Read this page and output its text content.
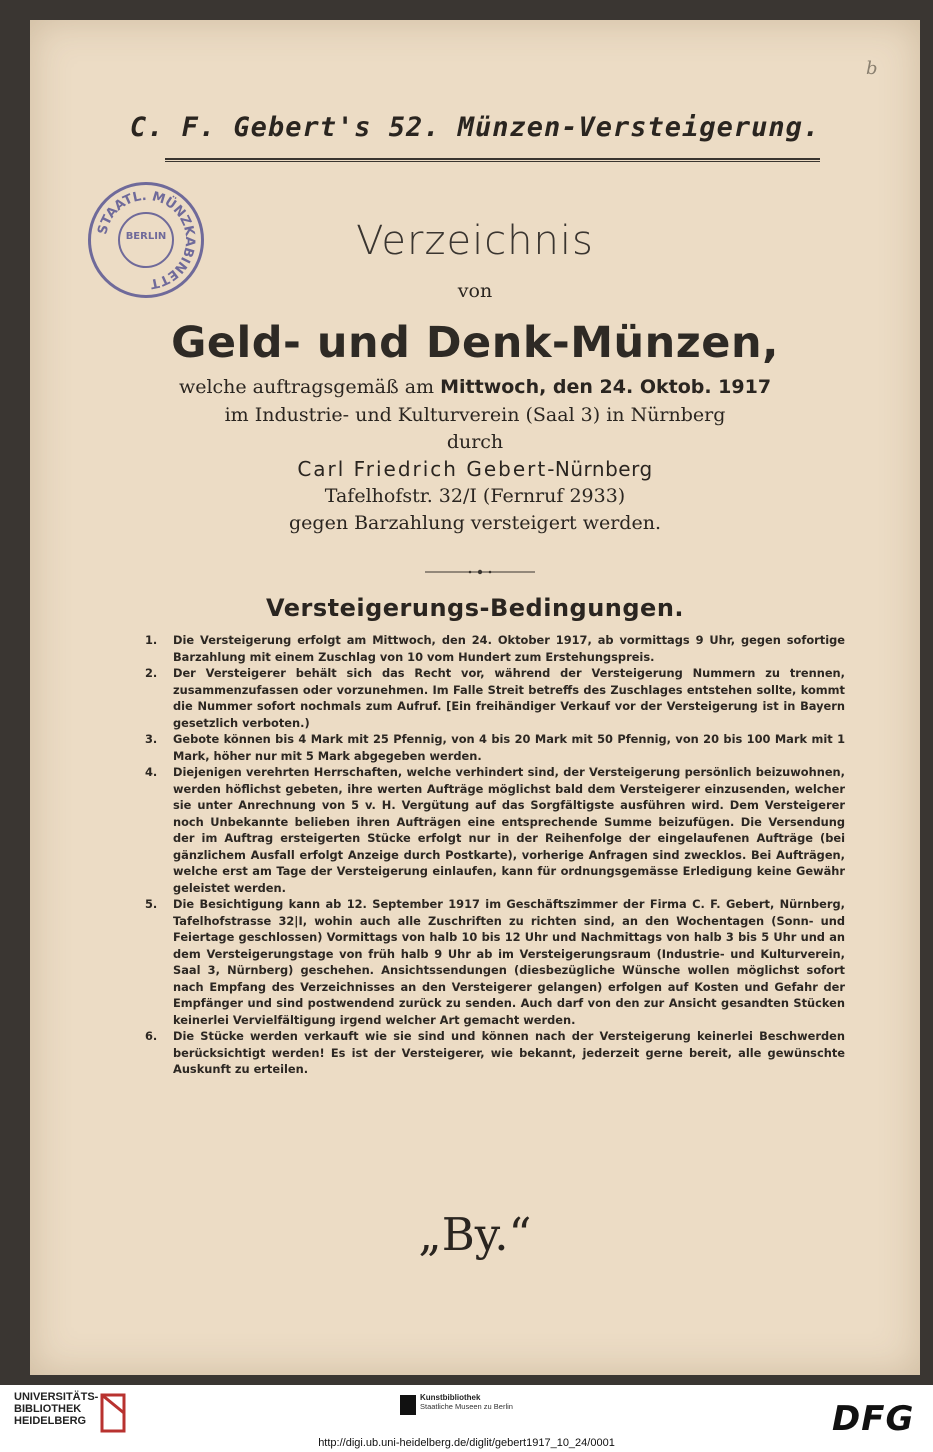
b
C. F. Gebert's 52. Münzen-Versteigerung.
STAATL. MÜNZKABINETT
BERLIN	Verzeichnis
von
Geld- und Denk-Münzen,
welche auftragsgemäß am Mittwoch, den 24. Oktob. 1917
im Industrie- und Kulturverein (Saal 3) in Nürnberg
durch
Carl Friedrich Gebert-Nürnberg
Tafelhofstr. 32/I (Fernruf 2933)
gegen Barzahlung versteigert werden.
Versteigerungs-Bedingungen.
1. Die Versteigerung erfolgt am Mittwoch, den 24. Oktober 1917, ab vormittags 9 Uhr, gegen sofortige Barzahlung mit einem Zuschlag von 10 vom Hundert zum Erstehungspreis.
2. Der Versteigerer behält sich das Recht vor, während der Versteigerung Nummern zu trennen, zusammenzufassen oder vorzunehmen. Im Falle Streit betreffs des Zuschlages entstehen sollte, kommt die Nummer sofort nochmals zum Aufruf. [Ein freihändiger Verkauf vor der Versteigerung ist in Bayern gesetzlich verboten.)
3. Gebote können bis 4 Mark mit 25 Pfennig, von 4 bis 20 Mark mit 50 Pfennig, von 20 bis 100 Mark mit 1 Mark, höher nur mit 5 Mark abgegeben werden.
4. Diejenigen verehrten Herrschaften, welche verhindert sind, der Versteigerung persönlich beizuwohnen, werden höflichst gebeten, ihre werten Aufträge möglichst bald dem Versteigerer einzusenden, welcher sie unter Anrechnung von 5 v. H. Vergütung auf das Sorgfältigste ausführen wird. Dem Versteigerer noch Unbekannte belieben ihren Aufträgen eine entsprechende Summe beizufügen. Die Versendung der im Auftrag ersteigerten Stücke erfolgt nur in der Reihenfolge der eingelaufenen Aufträge (bei gänzlichem Ausfall erfolgt Anzeige durch Postkarte), vorherige Anfragen sind zwecklos. Bei Aufträgen, welche erst am Tage der Versteigerung einlaufen, kann für ordnungsgemässe Erledigung keine Gewähr geleistet werden.
5. Die Besichtigung kann ab 12. September 1917 im Geschäftszimmer der Firma C. F. Gebert, Nürnberg, Tafelhofstrasse 32|I, wohin auch alle Zuschriften zu richten sind, an den Wochentagen (Sonn- und Feiertage geschlossen) Vormittags von halb 10 bis 12 Uhr und Nachmittags von halb 3 bis 5 Uhr und an dem Versteigerungstage von früh halb 9 Uhr ab im Versteigerungsraum (Industrie- und Kulturverein, Saal 3, Nürnberg) geschehen. Ansichtssendungen (diesbezügliche Wünsche wollen möglichst sofort nach Empfang des Verzeichnisses an den Versteigerer gelangen) erfolgen auf Kosten und Gefahr der Empfänger und sind postwendend zurück zu senden. Auch darf von den zur Ansicht gesandten Stücken keinerlei Vervielfältigung irgend welcher Art gemacht werden.
6. Die Stücke werden verkauft wie sie sind und können nach der Versteigerung keinerlei Beschwerden berücksichtigt werden! Es ist der Versteigerer, wie bekannt, jederzeit gerne bereit, alle gewünschte Auskunft zu erteilen.
„By.“
UNIVERSITÄTS-
BIBLIOTHEK
HEIDELBERG
Kunstbibliothek
Staatliche Museen zu Berlin	DFG
http://digi.ub.uni-heidelberg.de/diglit/gebert1917_10_24/0001
